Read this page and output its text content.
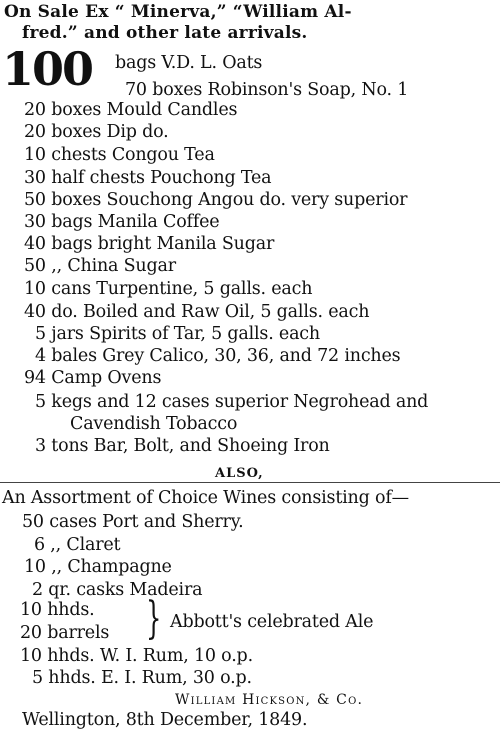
On Sale Ex “ Minerva,” “William Al-
fred.” and other late arrivals.
100 bags V.D. L. Oats
70 boxes Robinson's Soap, No. 1
20 boxes Mould Candles
20 boxes Dip do.
10 chests Congou Tea
30 half chests Pouchong Tea
50 boxes Souchong Angou do. very superior
30 bags Manila Coffee
40 bags bright Manila Sugar
50 ,, China Sugar
10 cans Turpentine, 5 galls. each
40 do. Boiled and Raw Oil, 5 galls. each
5 jars Spirits of Tar, 5 galls. each
4 bales Grey Calico, 30, 36, and 72 inches
94 Camp Ovens
5 kegs and 12 cases superior Negrohead and
Cavendish Tobacco
3 tons Bar, Bolt, and Shoeing Iron
ALSO,
An Assortment of Choice Wines consisting of—
50 cases Port and Sherry.
6 ,, Claret
10 ,, Champagne
2 qr. casks Madeira
10 hhds.
20 barrels } Abbott's celebrated Ale
10 hhds. W. I. Rum, 10 o.p.
5 hhds. E. I. Rum, 30 o.p.
William Hickson, & Co.
Wellington, 8th December, 1849.
